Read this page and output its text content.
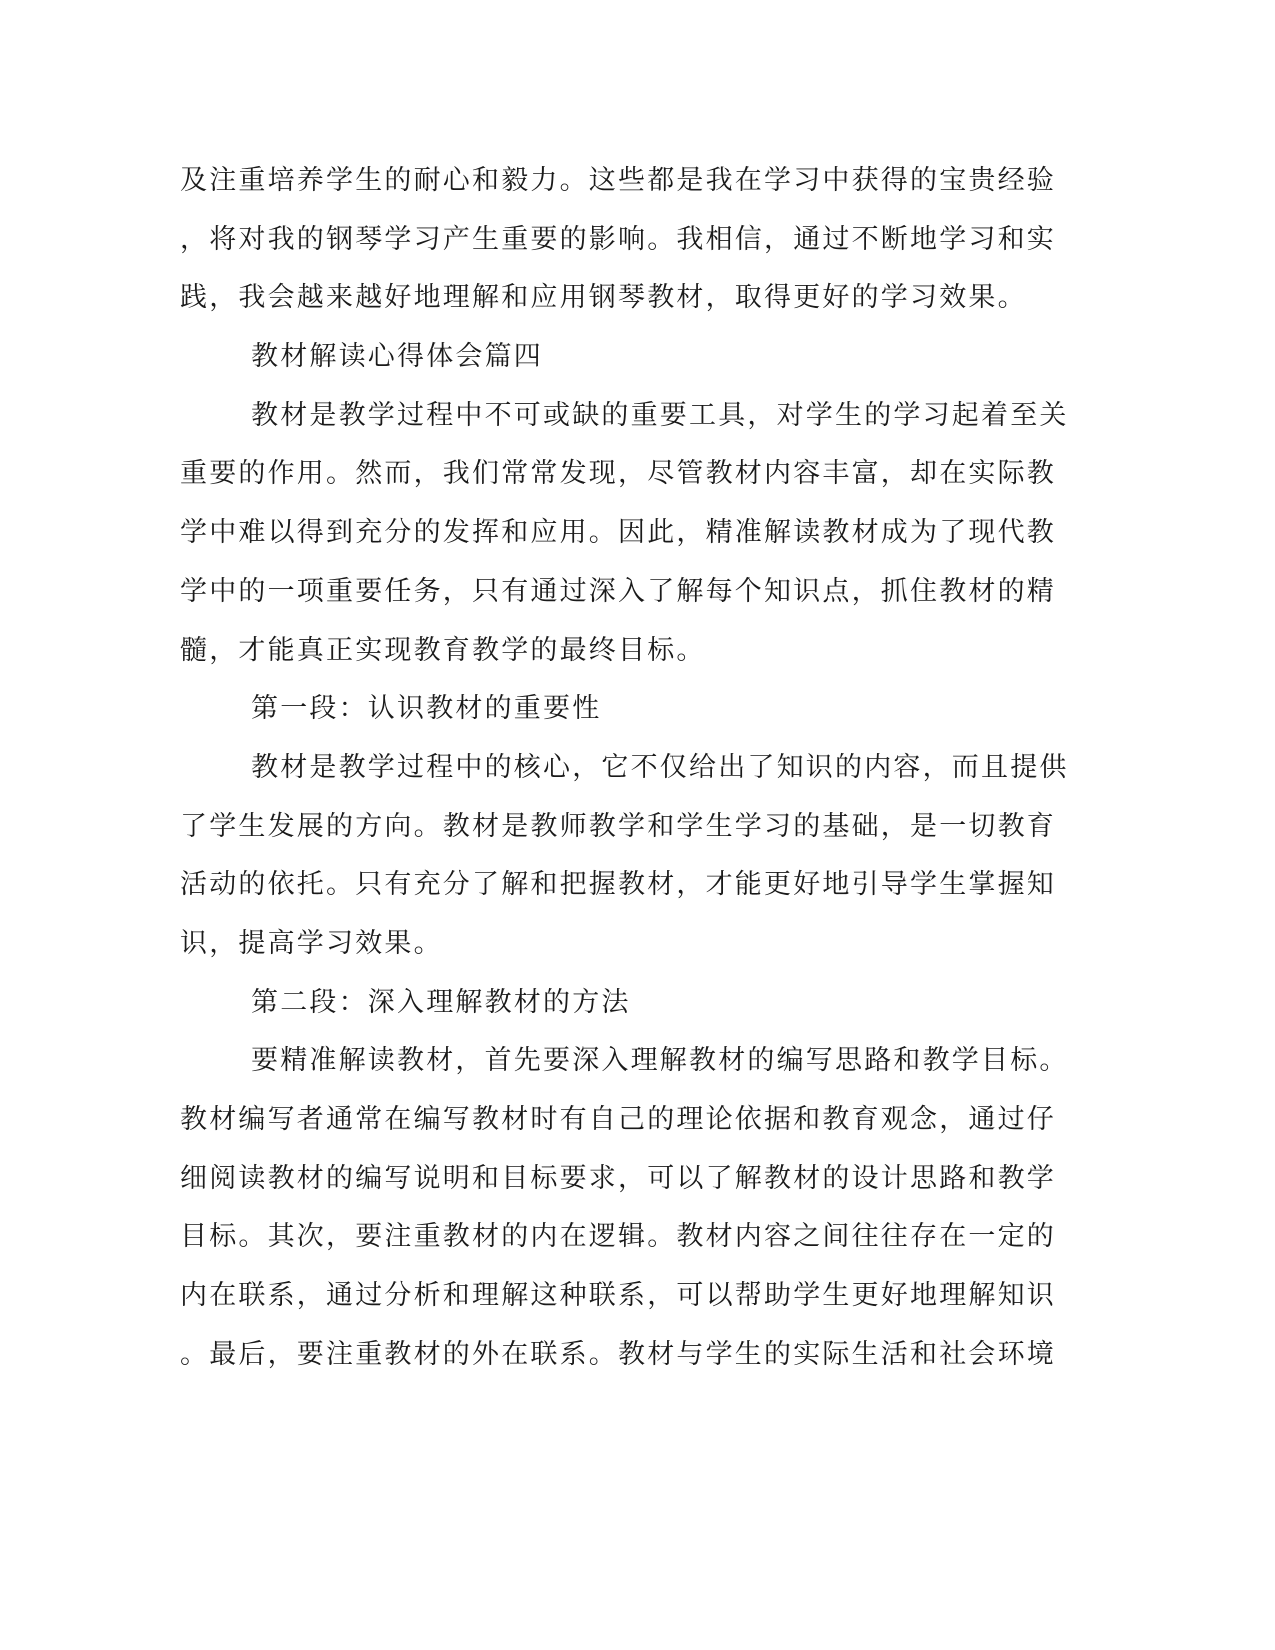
及注重培养学生的耐心和毅力。这些都是我在学习中获得的宝贵经验
，将对我的钢琴学习产生重要的影响。我相信，通过不断地学习和实
践，我会越来越好地理解和应用钢琴教材，取得更好的学习效果。
教材解读心得体会篇四
教材是教学过程中不可或缺的重要工具，对学生的学习起着至关
重要的作用。然而，我们常常发现，尽管教材内容丰富，却在实际教
学中难以得到充分的发挥和应用。因此，精准解读教材成为了现代教
学中的一项重要任务，只有通过深入了解每个知识点，抓住教材的精
髓，才能真正实现教育教学的最终目标。
第一段：认识教材的重要性
教材是教学过程中的核心，它不仅给出了知识的内容，而且提供
了学生发展的方向。教材是教师教学和学生学习的基础，是一切教育
活动的依托。只有充分了解和把握教材，才能更好地引导学生掌握知
识，提高学习效果。
第二段：深入理解教材的方法
要精准解读教材，首先要深入理解教材的编写思路和教学目标。
教材编写者通常在编写教材时有自己的理论依据和教育观念，通过仔
细阅读教材的编写说明和目标要求，可以了解教材的设计思路和教学
目标。其次，要注重教材的内在逻辑。教材内容之间往往存在一定的
内在联系，通过分析和理解这种联系，可以帮助学生更好地理解知识
。最后，要注重教材的外在联系。教材与学生的实际生活和社会环境
